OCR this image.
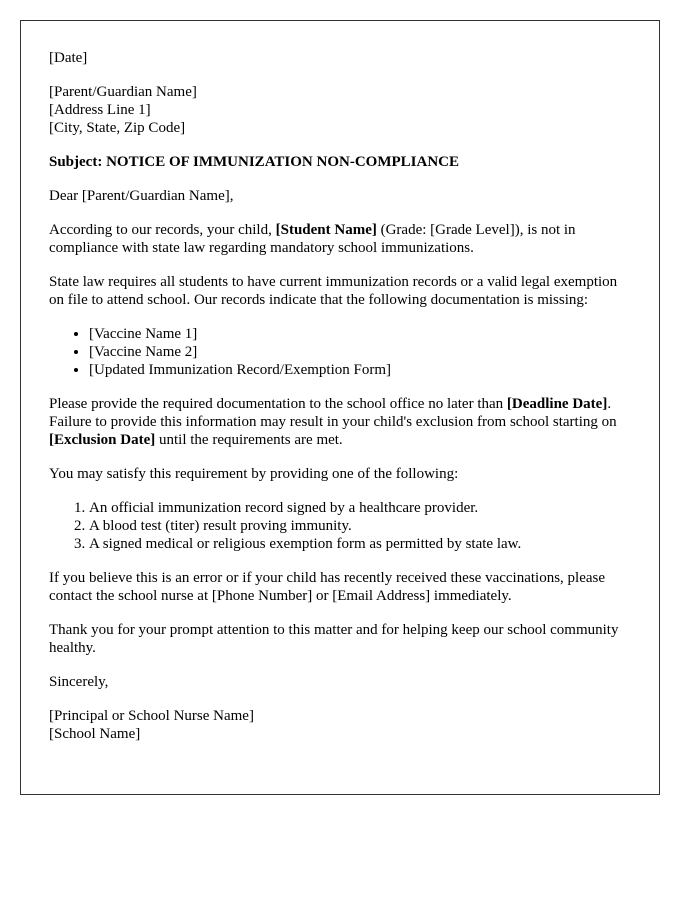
[Date]

[Parent/Guardian Name]
[Address Line 1]
[City, State, Zip Code]

Subject: NOTICE OF IMMUNIZATION NON-COMPLIANCE

Dear [Parent/Guardian Name],

According to our records, your child, [Student Name] (Grade: [Grade Level]), is not in compliance with state law regarding mandatory school immunizations.

State law requires all students to have current immunization records or a valid legal exemption on file to attend school. Our records indicate that the following documentation is missing:

• [Vaccine Name 1]
• [Vaccine Name 2]
• [Updated Immunization Record/Exemption Form]

Please provide the required documentation to the school office no later than [Deadline Date]. Failure to provide this information may result in your child's exclusion from school starting on [Exclusion Date] until the requirements are met.

You may satisfy this requirement by providing one of the following:

1. An official immunization record signed by a healthcare provider.
2. A blood test (titer) result proving immunity.
3. A signed medical or religious exemption form as permitted by state law.

If you believe this is an error or if your child has recently received these vaccinations, please contact the school nurse at [Phone Number] or [Email Address] immediately.

Thank you for your prompt attention to this matter and for helping keep our school community healthy.

Sincerely,

[Principal or School Nurse Name]
[School Name]
